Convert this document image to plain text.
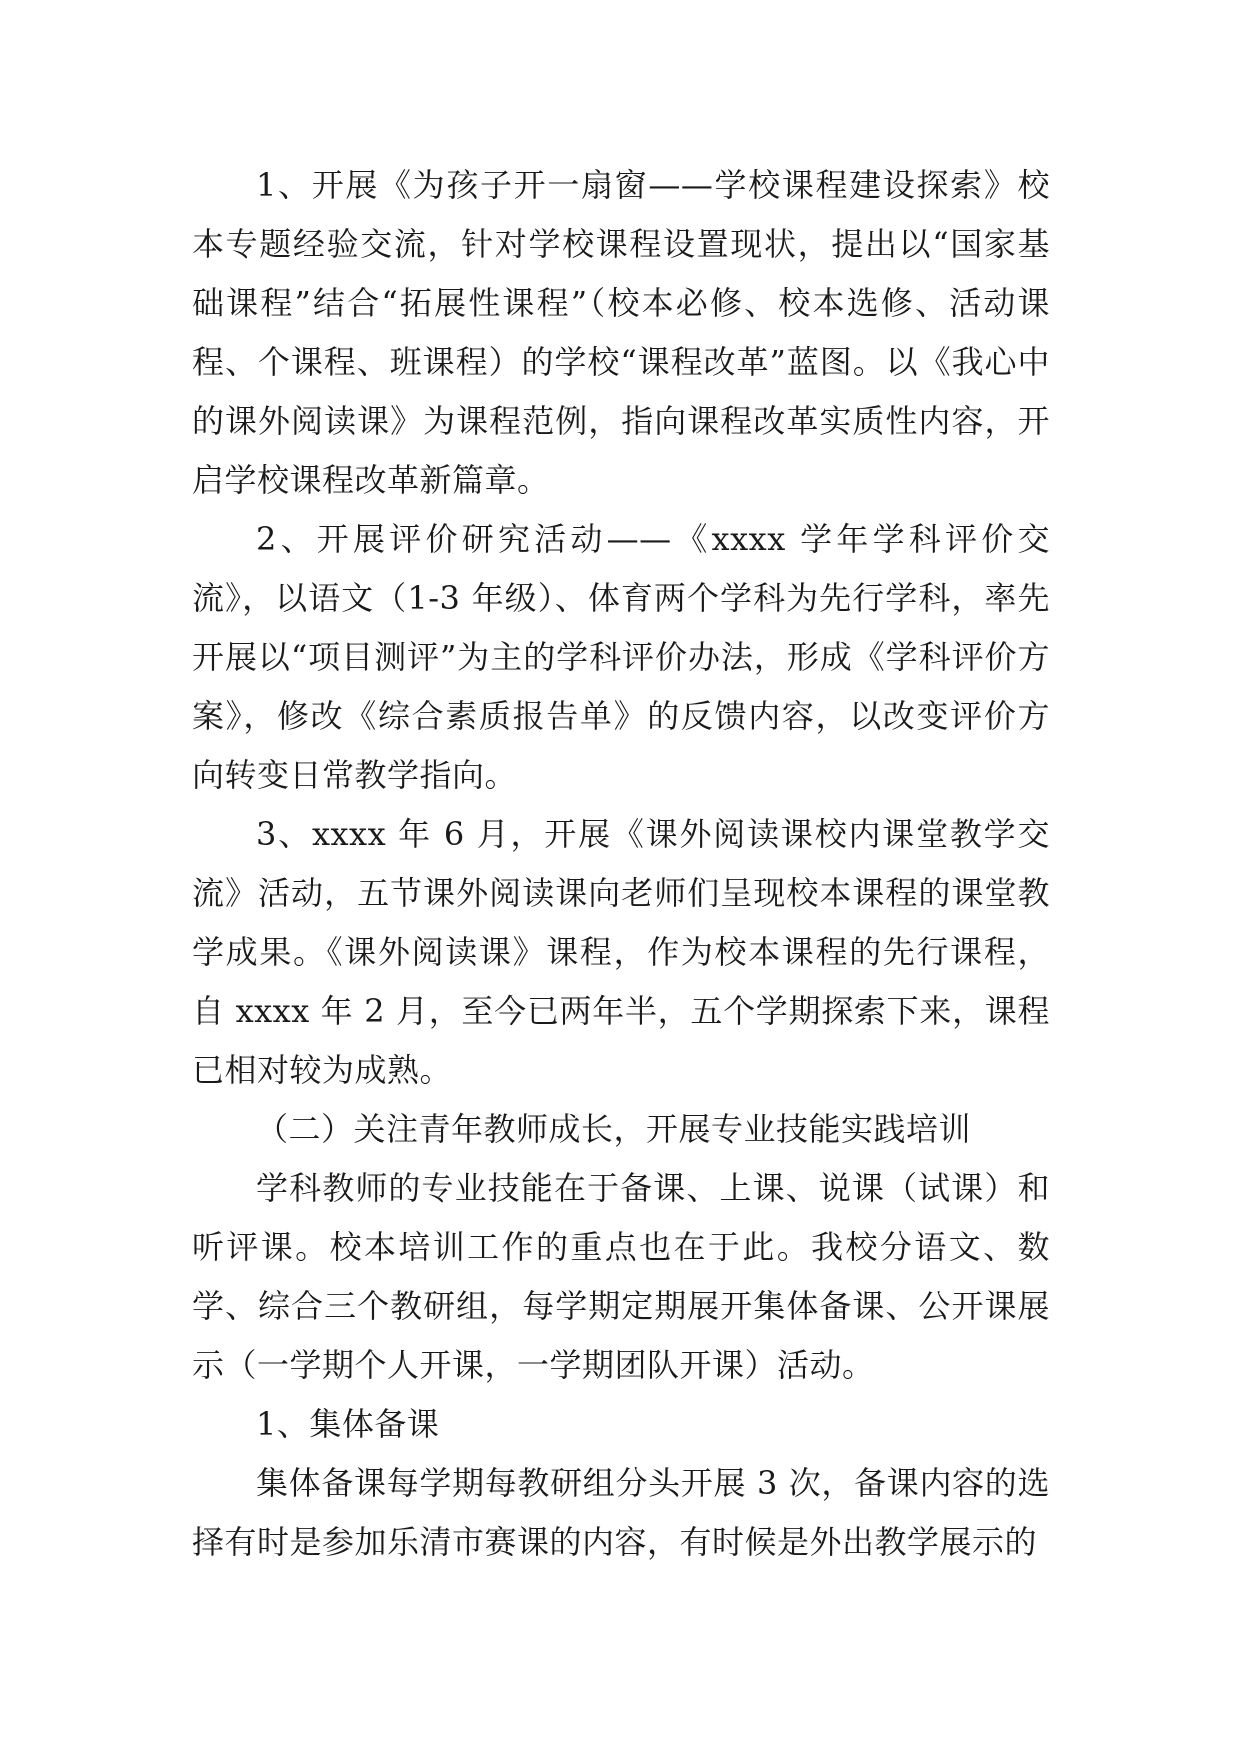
1、开展《为孩子开一扇窗——学校课程建设探索》校本专题经验交流，针对学校课程设置现状，提出以“国家基础课程”结合“拓展性课程”（校本必修、校本选修、活动课程、个课程、班课程）的学校“课程改革”蓝图。以《我心中的课外阅读课》为课程范例，指向课程改革实质性内容，开启学校课程改革新篇章。

2、开展评价研究活动——《xxxx 学年学科评价交流》，以语文（1-3 年级）、体育两个学科为先行学科，率先开展以“项目测评”为主的学科评价办法，形成《学科评价方案》，修改《综合素质报告单》的反馈内容，以改变评价方向转变日常教学指向。

3、xxxx 年 6 月，开展《课外阅读课校内课堂教学交流》活动，五节课外阅读课向老师们呈现校本课程的课堂教学成果。《课外阅读课》课程，作为校本课程的先行课程，自 xxxx 年 2 月，至今已两年半，五个学期探索下来，课程已相对较为成熟。

（二）关注青年教师成长，开展专业技能实践培训

学科教师的专业技能在于备课、上课、说课（试课）和听评课。校本培训工作的重点也在于此。我校分语文、数学、综合三个教研组，每学期定期展开集体备课、公开课展示（一学期个人开课，一学期团队开课）活动。

1、集体备课

集体备课每学期每教研组分头开展 3 次，备课内容的选择有时是参加乐清市赛课的内容，有时候是外出教学展示的
